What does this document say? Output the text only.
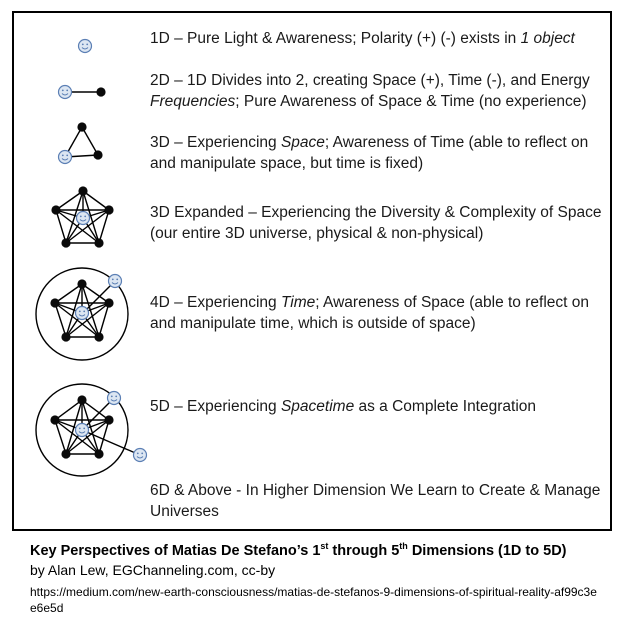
1D – Pure Light & Awareness; Polarity (+) (-) exists in 1 object
2D – 1D Divides into 2, creating Space (+), Time (-), and Energy Frequencies; Pure Awareness of Space & Time (no experience)
3D – Experiencing Space; Awareness of Time (able to reflect on and manipulate space, but time is fixed)
3D Expanded – Experiencing the Diversity & Complexity of Space (our entire 3D universe, physical & non-physical)
4D – Experiencing Time; Awareness of Space (able to reflect on and manipulate time, which is outside of space)
5D – Experiencing Spacetime as a Complete Integration
6D & Above - In Higher Dimension We Learn to Create & Manage Universes
Key Perspectives of Matias De Stefano’s 1st through 5th Dimensions (1D to 5D)
by Alan Lew, EGChanneling.com, cc-by
https://medium.com/new-earth-consciousness/matias-de-stefanos-9-dimensions-of-spiritual-reality-af99c3ee6e5d
